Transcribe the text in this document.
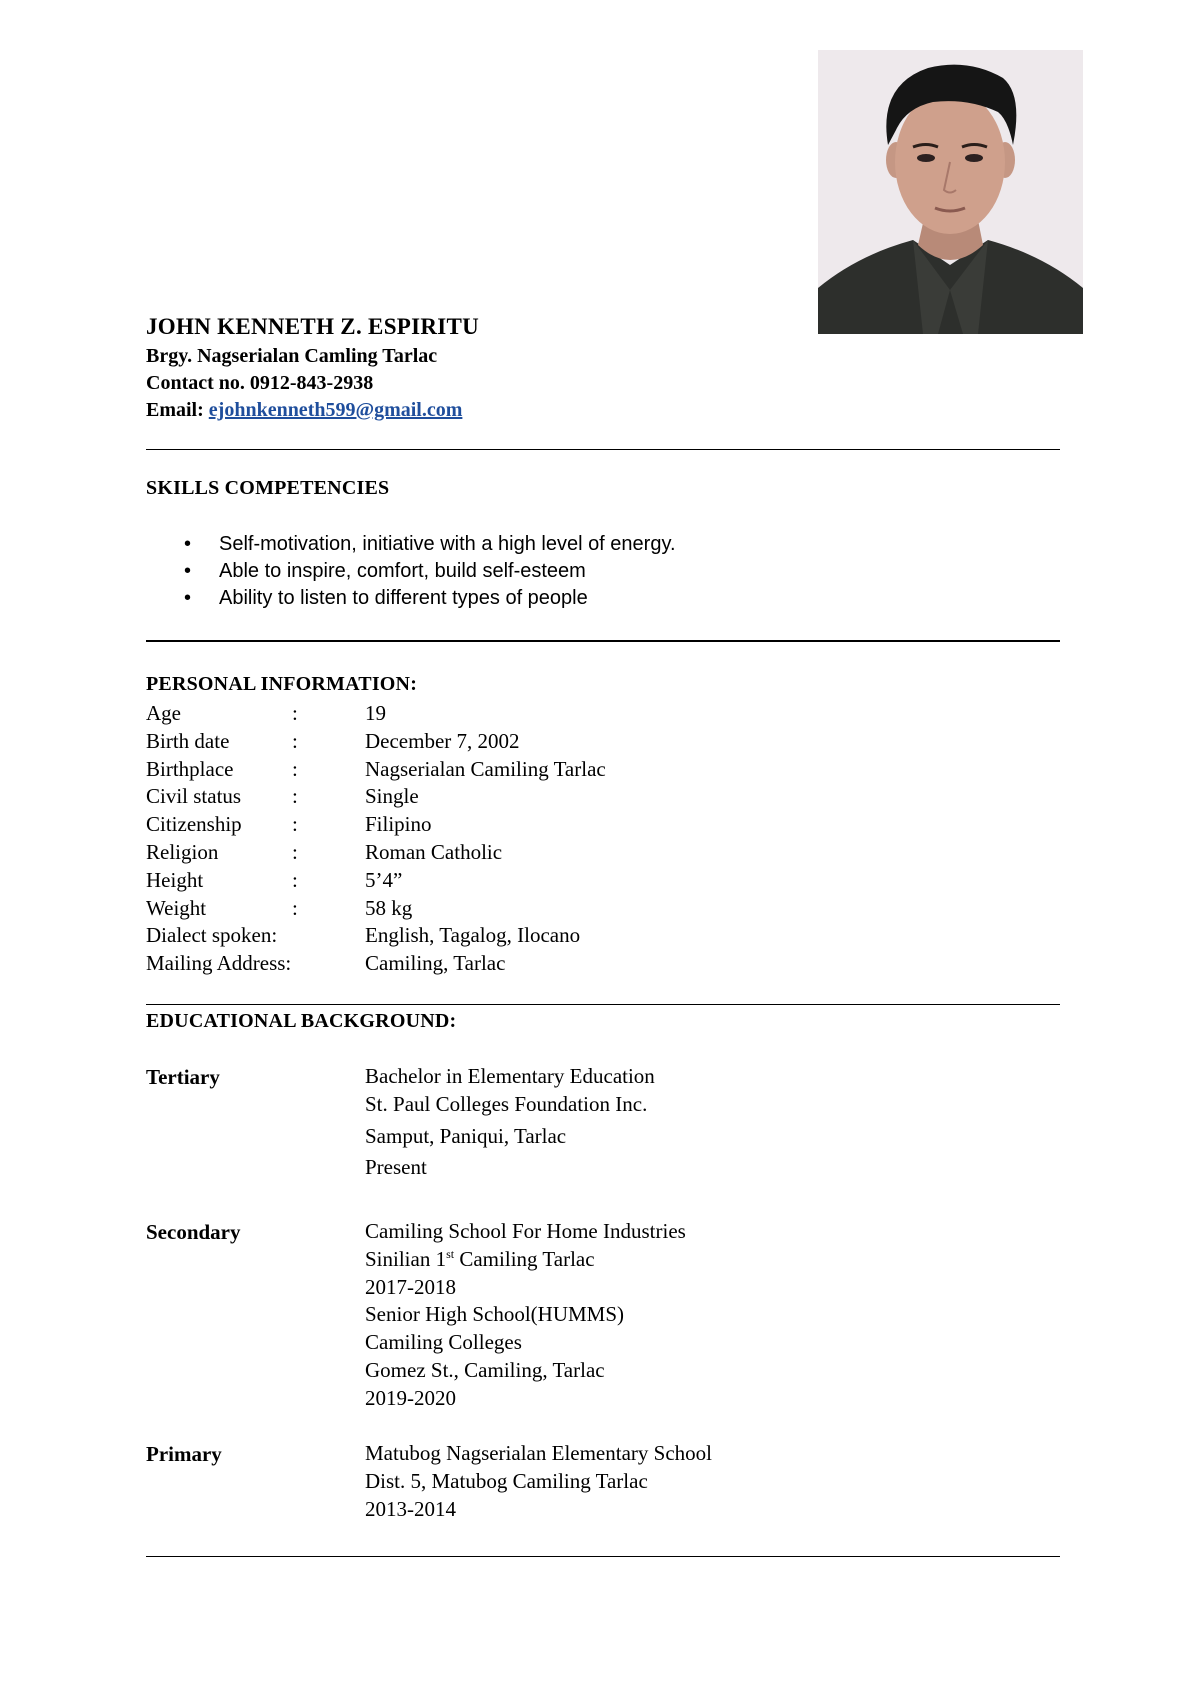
JOHN KENNETH Z. ESPIRITU
Brgy. Nagserialan Camling Tarlac
Contact no. 0912-843-2938
Email: ejohnkenneth599@gmail.com
SKILLS COMPETENCIES
• Self-motivation, initiative with a high level of energy.
• Able to inspire, comfort, build self-esteem
• Ability to listen to different types of people
PERSONAL INFORMATION:
Age	:	19
Birth date	:	December 7, 2002
Birthplace	:	Nagserialan Camiling Tarlac
Civil status :	Single
Citizenship :	Filipino
Religion	:	Roman Catholic
Height	:	5’4”
Weight	:	58 kg
Dialect spoken:	English, Tagalog, Ilocano
Mailing Address:	Camiling, Tarlac
EDUCATIONAL BACKGROUND:
Tertiary	Bachelor in Elementary Education
St. Paul Colleges Foundation Inc.
Samput, Paniqui, Tarlac
Present
Secondary	Camiling School For Home Industries
Sinilian 1st Camiling Tarlac
2017-2018
Senior High School(HUMMS)
Camiling Colleges
Gomez St., Camiling, Tarlac
2019-2020
Primary	Matubog Nagserialan Elementary School
Dist. 5, Matubog Camiling Tarlac
2013-2014
